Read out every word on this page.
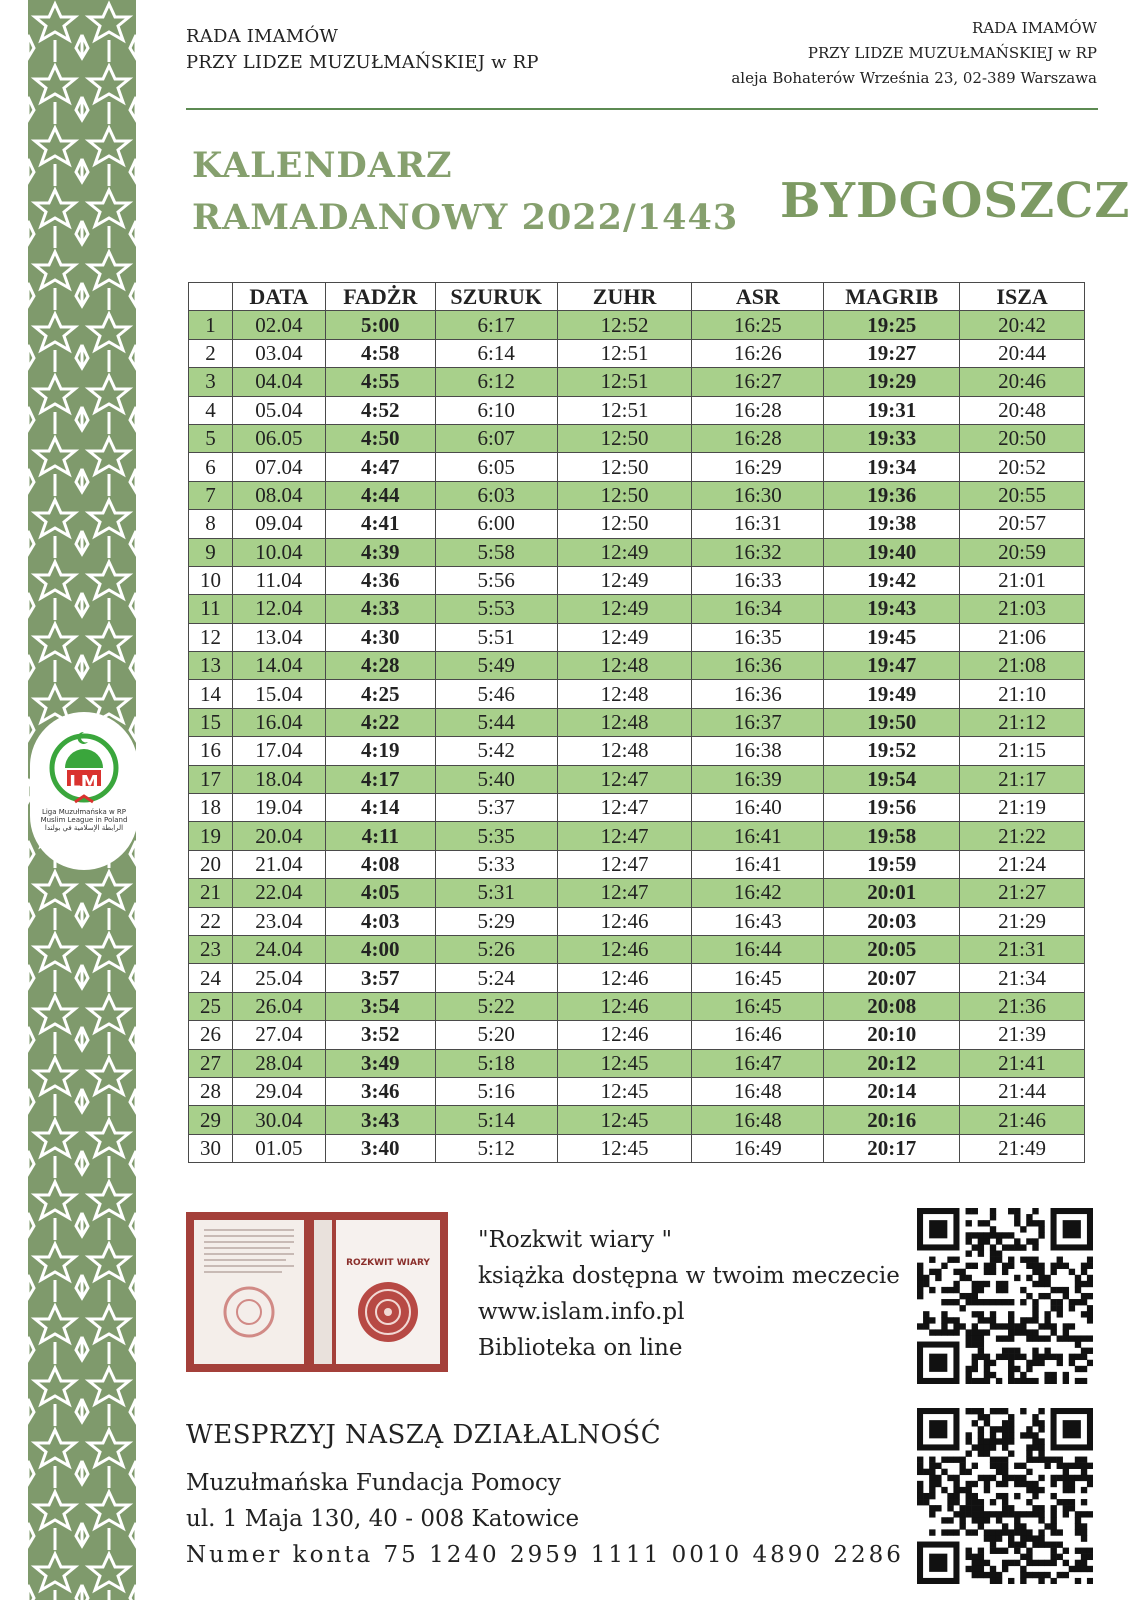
LM
Liga Muzułmańska w RP
Muslim League in Poland
الرابطة الإسلامية في بولندا
RADA IMAMÓW
PRZY LIDZE MUZUŁMAŃSKIEJ w RP
RADA IMAMÓW
PRZY LIDZE MUZUŁMAŃSKIEJ w RP
aleja Bohaterów Września 23, 02-389 Warszawa
KALENDARZ
RAMADANOWY 2022/1443 BYDGOSZCZ
	DATA	FADŻR	SZURUK	ZUHR	ASR	MAGRIB	ISZA
1	02.04	5:00	6:17	12:52	16:25	19:25	20:42
2	03.04	4:58	6:14	12:51	16:26	19:27	20:44
3	04.04	4:55	6:12	12:51	16:27	19:29	20:46
4	05.04	4:52	6:10	12:51	16:28	19:31	20:48
5	06.05	4:50	6:07	12:50	16:28	19:33	20:50
6	07.04	4:47	6:05	12:50	16:29	19:34	20:52
7	08.04	4:44	6:03	12:50	16:30	19:36	20:55
8	09.04	4:41	6:00	12:50	16:31	19:38	20:57
9	10.04	4:39	5:58	12:49	16:32	19:40	20:59
10	11.04	4:36	5:56	12:49	16:33	19:42	21:01
11	12.04	4:33	5:53	12:49	16:34	19:43	21:03
12	13.04	4:30	5:51	12:49	16:35	19:45	21:06
13	14.04	4:28	5:49	12:48	16:36	19:47	21:08
14	15.04	4:25	5:46	12:48	16:36	19:49	21:10
15	16.04	4:22	5:44	12:48	16:37	19:50	21:12
16	17.04	4:19	5:42	12:48	16:38	19:52	21:15
17	18.04	4:17	5:40	12:47	16:39	19:54	21:17
18	19.04	4:14	5:37	12:47	16:40	19:56	21:19
19	20.04	4:11	5:35	12:47	16:41	19:58	21:22
20	21.04	4:08	5:33	12:47	16:41	19:59	21:24
21	22.04	4:05	5:31	12:47	16:42	20:01	21:27
22	23.04	4:03	5:29	12:46	16:43	20:03	21:29
23	24.04	4:00	5:26	12:46	16:44	20:05	21:31
24	25.04	3:57	5:24	12:46	16:45	20:07	21:34
25	26.04	3:54	5:22	12:46	16:45	20:08	21:36
26	27.04	3:52	5:20	12:46	16:46	20:10	21:39
27	28.04	3:49	5:18	12:45	16:47	20:12	21:41
28	29.04	3:46	5:16	12:45	16:48	20:14	21:44
29	30.04	3:43	5:14	12:45	16:48	20:16	21:46
30	01.05	3:40	5:12	12:45	16:49	20:17	21:49
ROZKWIT WIARY
"Rozkwit wiary "
książka dostępna w twoim meczecie
www.islam.info.pl
Biblioteka on line
WESPRZYJ NASZĄ DZIAŁALNOŚĆ
Muzułmańska Fundacja Pomocy
ul. 1 Maja 130, 40 - 008 Katowice
Numer konta 75 1240 2959 1111 0010 4890 2286
